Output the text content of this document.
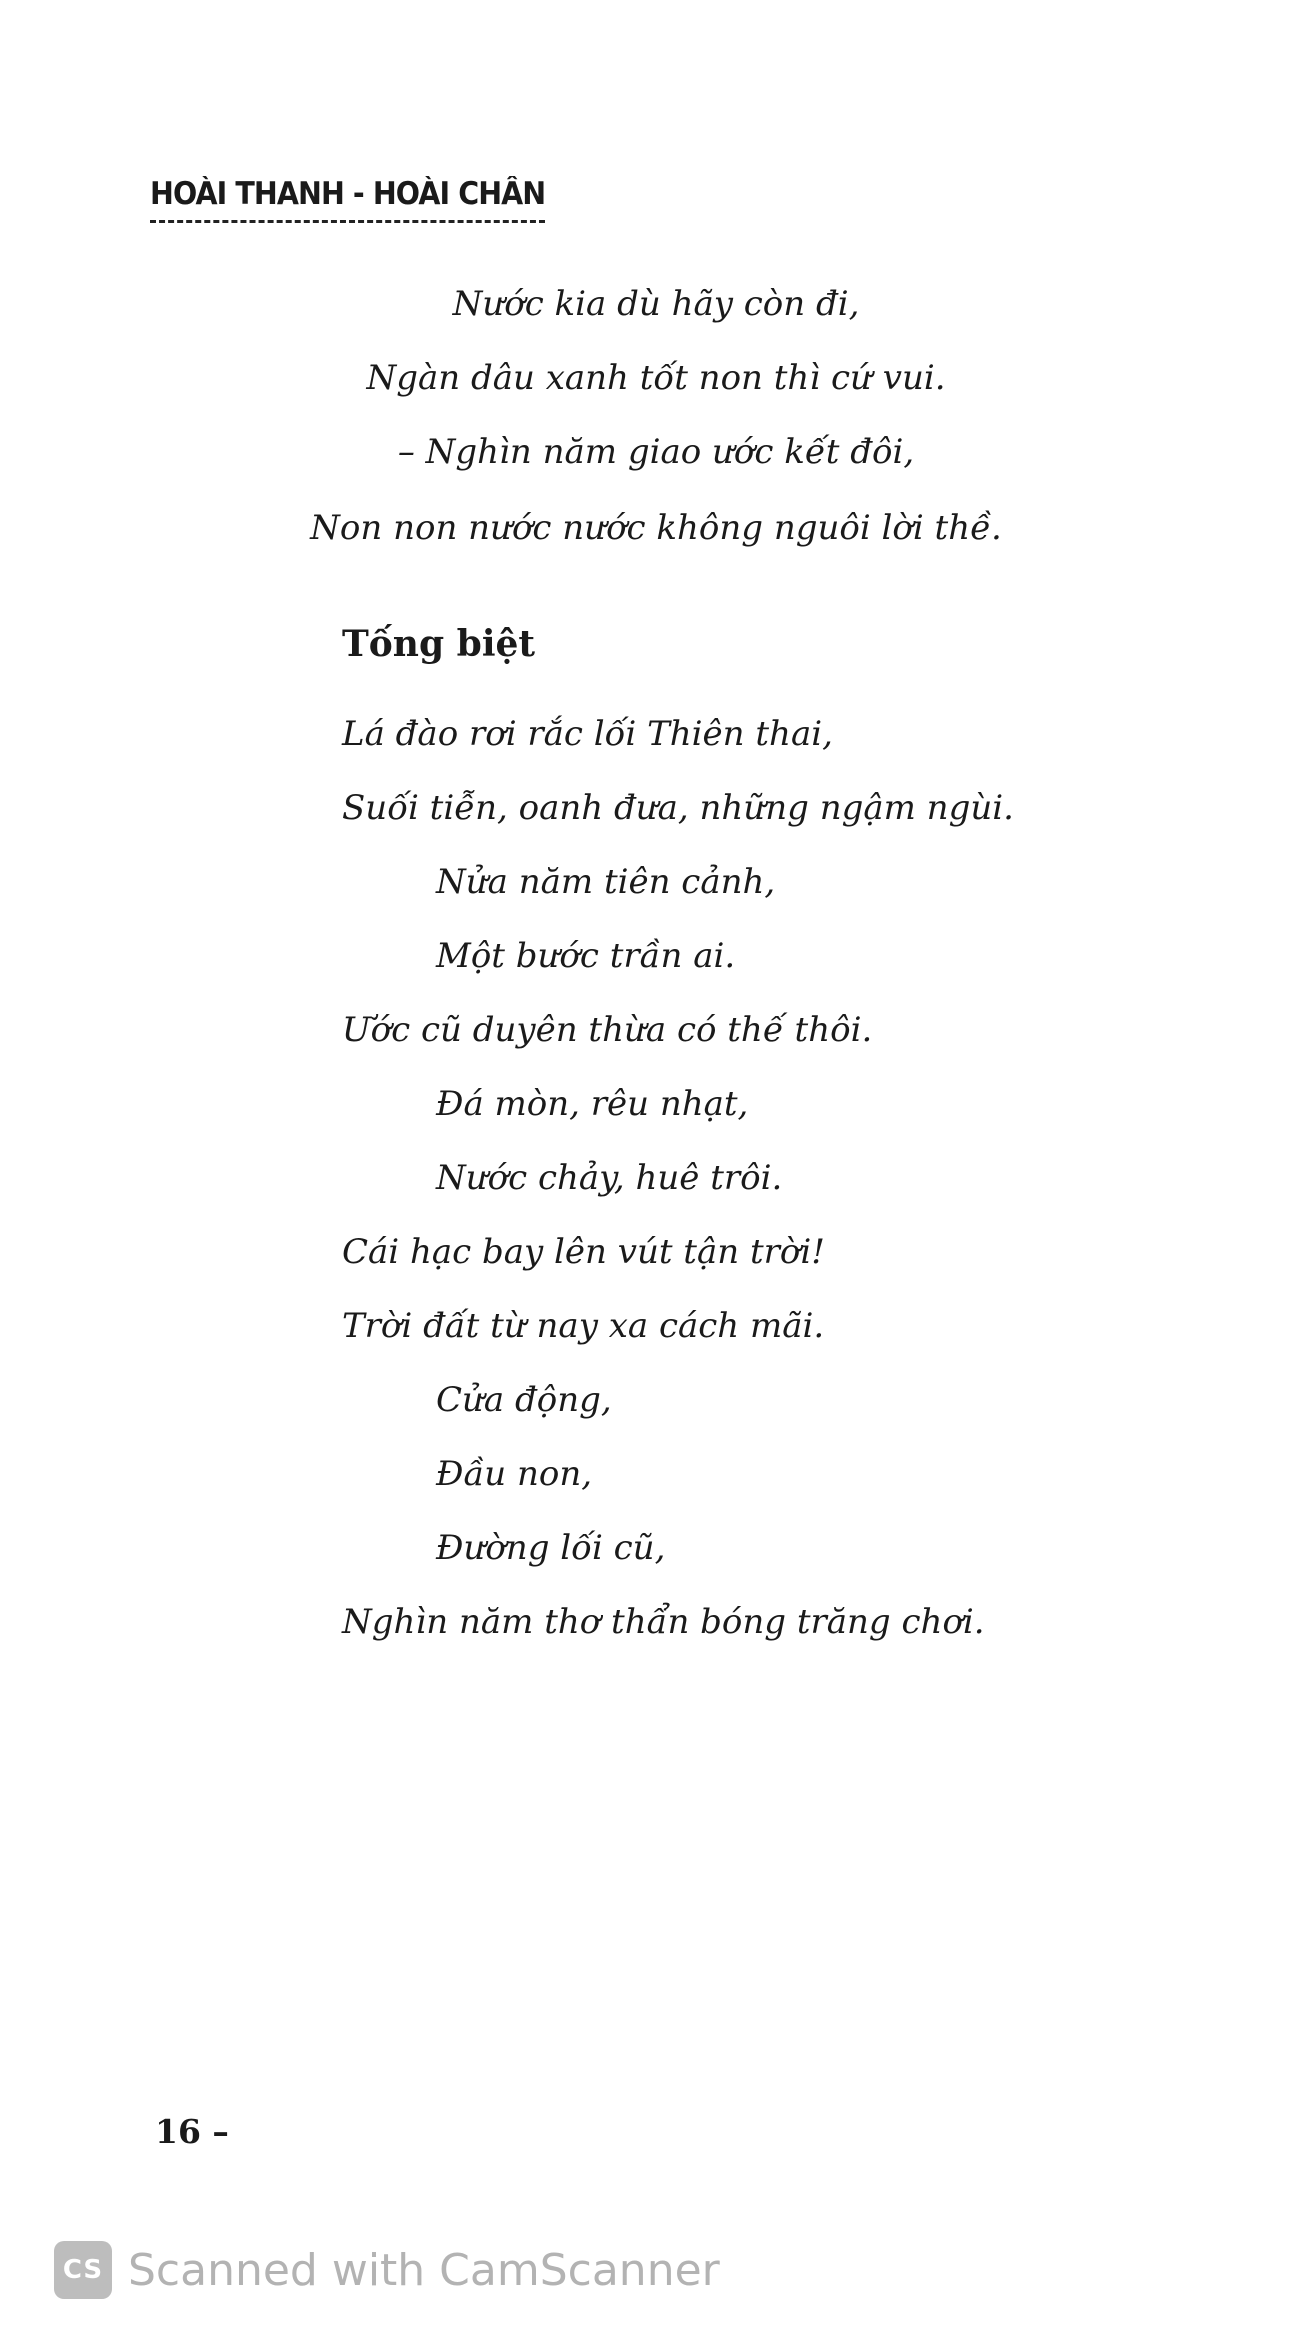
HOÀI THANH - HOÀI CHÂN
Nước kia dù hãy còn đi,
Ngàn dâu xanh tốt non thì cứ vui.
– Nghìn năm giao ước kết đôi,
Non non nước nước không nguôi lời thề.
Tống biệt
Lá đào rơi rắc lối Thiên thai,
Suối tiễn, oanh đưa, những ngậm ngùi.
Nửa năm tiên cảnh,
Một bước trần ai.
Ước cũ duyên thừa có thế thôi.
Đá mòn, rêu nhạt,
Nước chảy, huê trôi.
Cái hạc bay lên vút tận trời!
Trời đất từ nay xa cách mãi.
Cửa động,
Đầu non,
Đường lối cũ,
Nghìn năm thơ thẩn bóng trăng chơi.
16 –
CS Scanned with CamScanner
